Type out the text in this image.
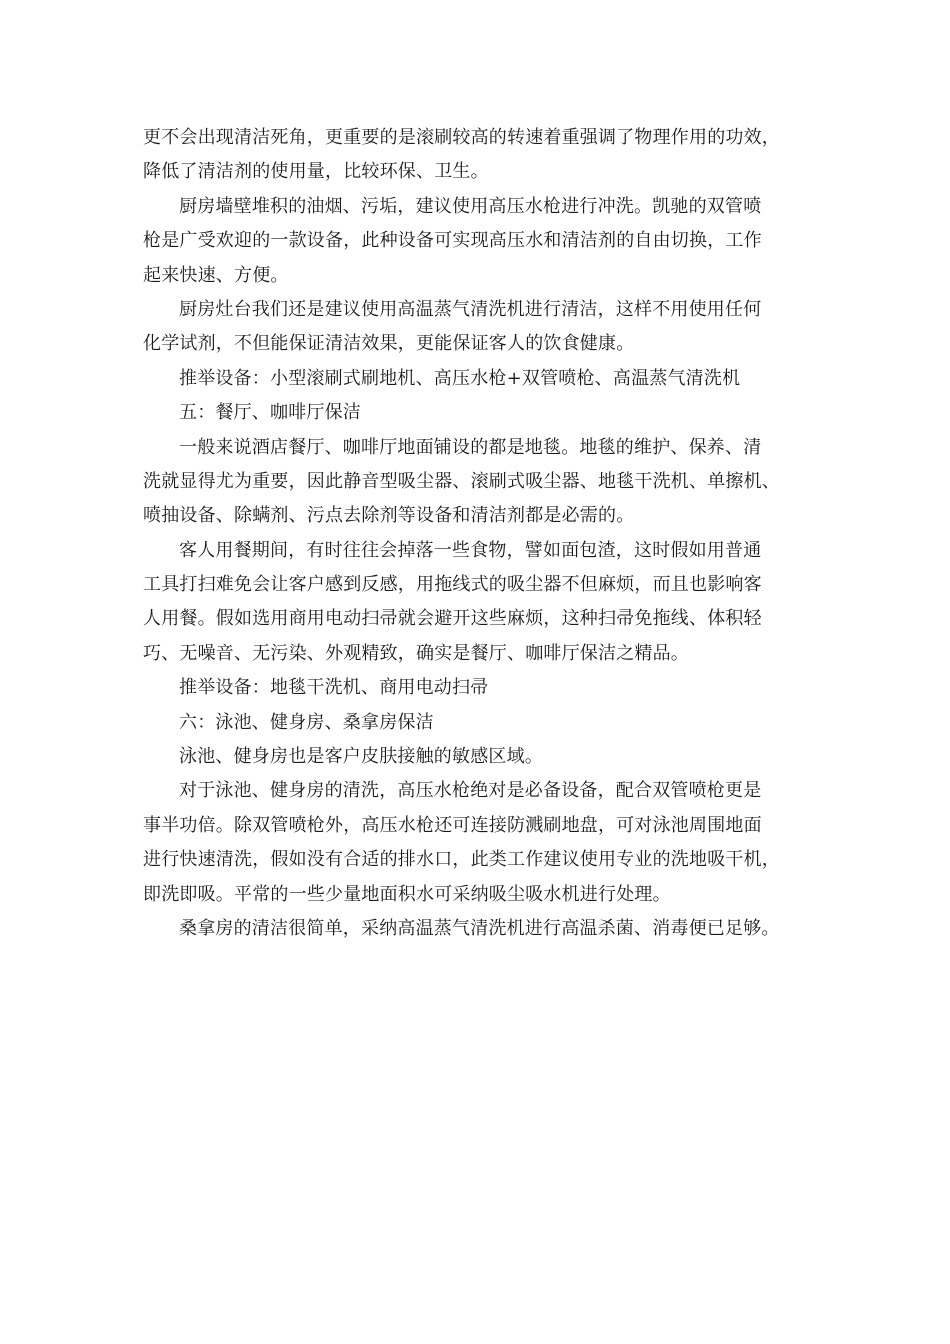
更不会出现清洁死角，更重要的是滚刷较高的转速着重强调了物理作用的功效，
降低了清洁剂的使用量，比较环保、卫生。
厨房墙壁堆积的油烟、污垢，建议使用高压水枪进行冲洗。凯驰的双管喷
枪是广受欢迎的一款设备，此种设备可实现高压水和清洁剂的自由切换，工作
起来快速、方便。
厨房灶台我们还是建议使用高温蒸气清洗机进行清洁，这样不用使用任何
化学试剂，不但能保证清洁效果，更能保证客人的饮食健康。
推举设备：小型滚刷式刷地机、高压水枪+双管喷枪、高温蒸气清洗机
五：餐厅、咖啡厅保洁
一般来说酒店餐厅、咖啡厅地面铺设的都是地毯。地毯的维护、保养、清
洗就显得尤为重要，因此静音型吸尘器、滚刷式吸尘器、地毯干洗机、单擦机、
喷抽设备、除螨剂、污点去除剂等设备和清洁剂都是必需的。
客人用餐期间，有时往往会掉落一些食物，譬如面包渣，这时假如用普通
工具打扫难免会让客户感到反感，用拖线式的吸尘器不但麻烦，而且也影响客
人用餐。假如选用商用电动扫帚就会避开这些麻烦，这种扫帚免拖线、体积轻
巧、无噪音、无污染、外观精致，确实是餐厅、咖啡厅保洁之精品。
推举设备：地毯干洗机、商用电动扫帚
六：泳池、健身房、桑拿房保洁
泳池、健身房也是客户皮肤接触的敏感区域。
对于泳池、健身房的清洗，高压水枪绝对是必备设备，配合双管喷枪更是
事半功倍。除双管喷枪外，高压水枪还可连接防溅刷地盘，可对泳池周围地面
进行快速清洗，假如没有合适的排水口，此类工作建议使用专业的洗地吸干机，
即洗即吸。平常的一些少量地面积水可采纳吸尘吸水机进行处理。
桑拿房的清洁很简单，采纳高温蒸气清洗机进行高温杀菌、消毒便已足够。
